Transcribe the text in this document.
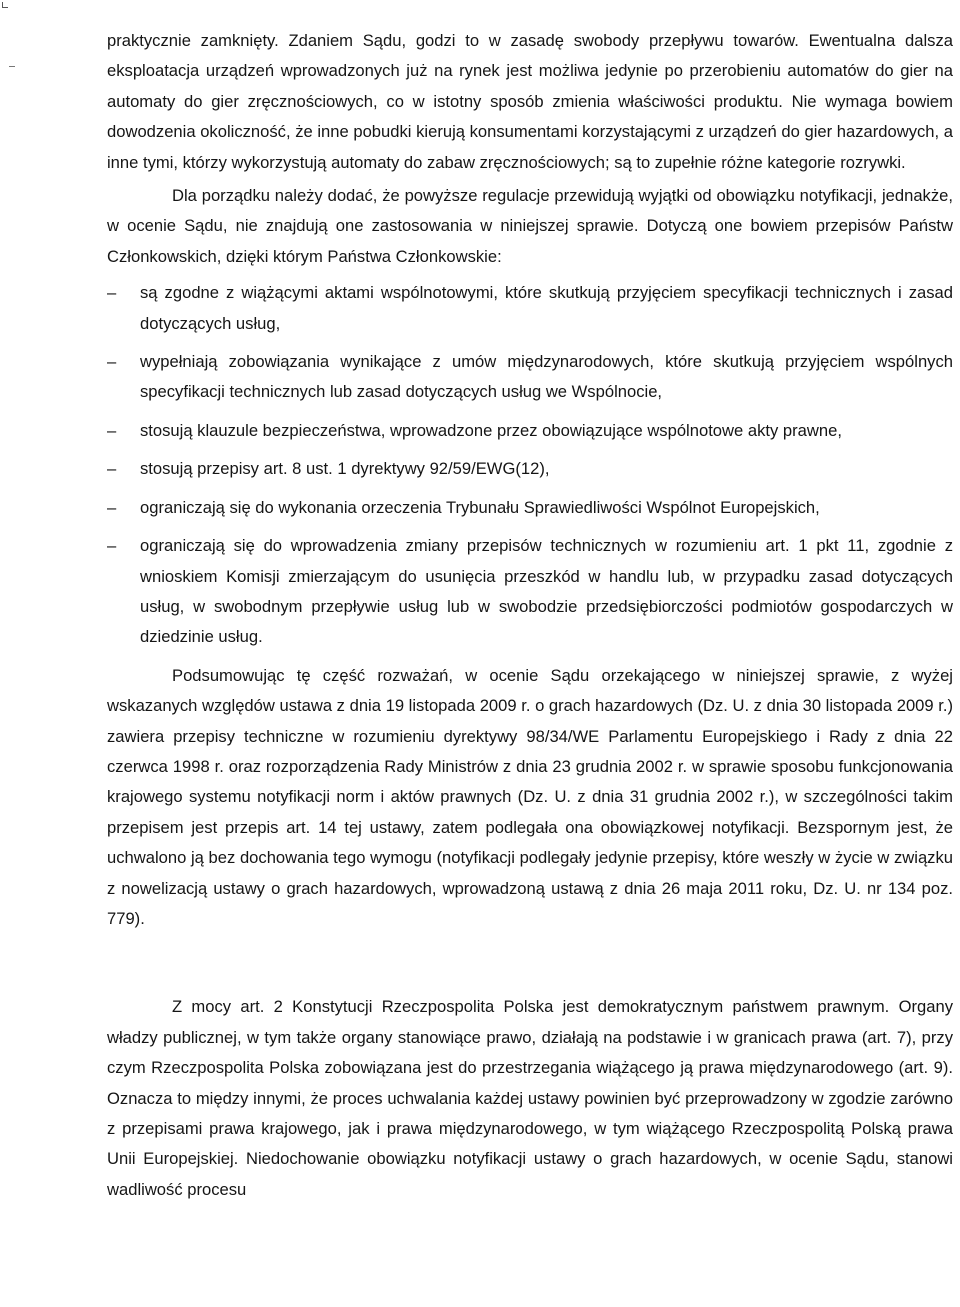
praktycznie zamknięty. Zdaniem Sądu, godzi to w zasadę swobody przepływu towarów. Ewentualna dalsza eksploatacja urządzeń wprowadzonych już na rynek jest możliwa jedynie po przerobieniu automatów do gier na automaty do gier zręcznościowych, co w istotny sposób zmienia właściwości produktu. Nie wymaga bowiem dowodzenia okoliczność, że inne pobudki kierują konsumentami korzystającymi z urządzeń do gier hazardowych, a inne tymi, którzy wykorzystują automaty do zabaw zręcznościowych; są to zupełnie różne kategorie rozrywki.

Dla porządku należy dodać, że powyższe regulacje przewidują wyjątki od obowiązku notyfikacji, jednakże, w ocenie Sądu, nie znajdują one zastosowania w niniejszej sprawie. Dotyczą one bowiem przepisów Państw Członkowskich, dzięki którym Państwa Członkowskie:

– są zgodne z wiążącymi aktami wspólnotowymi, które skutkują przyjęciem specyfikacji technicznych i zasad dotyczących usług,
– wypełniają zobowiązania wynikające z umów międzynarodowych, które skutkują przyjęciem wspólnych specyfikacji technicznych lub zasad dotyczących usług we Wspólnocie,
– stosują klauzule bezpieczeństwa, wprowadzone przez obowiązujące wspólnotowe akty prawne,
– stosują przepisy art. 8 ust. 1 dyrektywy 92/59/EWG(12),
– ograniczają się do wykonania orzeczenia Trybunału Sprawiedliwości Wspólnot Europejskich,
– ograniczają się do wprowadzenia zmiany przepisów technicznych w rozumieniu art. 1 pkt 11, zgodnie z wnioskiem Komisji zmierzającym do usunięcia przeszkód w handlu lub, w przypadku zasad dotyczących usług, w swobodnym przepływie usług lub w swobodzie przedsiębiorczości podmiotów gospodarczych w dziedzinie usług.

Podsumowując tę część rozważań, w ocenie Sądu orzekającego w niniejszej sprawie, z wyżej wskazanych względów ustawa z dnia 19 listopada 2009 r. o grach hazardowych (Dz. U. z dnia 30 listopada 2009 r.) zawiera przepisy techniczne w rozumieniu dyrektywy 98/34/WE Parlamentu Europejskiego i Rady z dnia 22 czerwca 1998 r. oraz rozporządzenia Rady Ministrów z dnia 23 grudnia 2002 r. w sprawie sposobu funkcjonowania krajowego systemu notyfikacji norm i aktów prawnych (Dz. U. z dnia 31 grudnia 2002 r.), w szczególności takim przepisem jest przepis art. 14 tej ustawy, zatem podlegała ona obowiązkowej notyfikacji. Bezspornym jest, że uchwalono ją bez dochowania tego wymogu (notyfikacji podlegały jedynie przepisy, które weszły w życie w związku z nowelizacją ustawy o grach hazardowych, wprowadzoną ustawą z dnia 26 maja 2011 roku, Dz. U. nr 134 poz. 779).

Z mocy art. 2 Konstytucji Rzeczpospolita Polska jest demokratycznym państwem prawnym. Organy władzy publicznej, w tym także organy stanowiące prawo, działają na podstawie i w granicach prawa (art. 7), przy czym Rzeczpospolita Polska zobowiązana jest do przestrzegania wiążącego ją prawa międzynarodowego (art. 9). Oznacza to między innymi, że proces uchwalania każdej ustawy powinien być przeprowadzony w zgodzie zarówno z przepisami prawa krajowego, jak i prawa międzynarodowego, w tym wiążącego Rzeczpospolitą Polską prawa Unii Europejskiej. Niedochowanie obowiązku notyfikacji ustawy o grach hazardowych, w ocenie Sądu, stanowi wadliwość procesu
